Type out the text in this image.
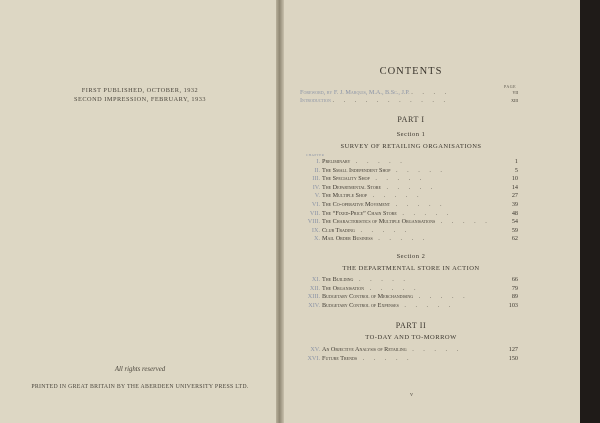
FIRST PUBLISHED, OCTOBER, 1932
SECOND IMPRESSION, FEBRUARY, 1933
All rights reserved
PRINTED IN GREAT BRITAIN BY THE ABERDEEN UNIVERSITY PRESS LTD.
CONTENTS
PAGE
Foreword, by F. J. Marquis, M.A., B.Sc., J.P. . . . .	vii
Introduction . . . . . . . . . . .	xiii
PART I
Section 1
SURVEY OF RETAILING ORGANISATIONS
CHAPTER
I. Preliminary . . . . .	1
II. The Small Independent Shop . . . . .	5
III. The Speciality Shop . . . . .	10
IV. The Departmental Store . . . . .	14
V. The Multiple Shop . . . . .	27
VI. The Co-operative Movement . . . . .	39
VII. The “Fixed-Price” Chain Store . . . . .	48
VIII. The Characteristics of Multiple Organisations . . . . .	54
IX. Club Trading . . . . .	59
X. Mail Order Business . . . . .	62
Section 2
THE DEPARTMENTAL STORE IN ACTION
XI. The Building . . . . .	66
XII. The Organisation . . . . .	79
XIII. Budgetary Control of Merchandising . . . . .	89
XIV. Budgetary Control of Expenses . . . . .	103
PART II
TO-DAY AND TO-MORROW
XV. An Objective Analysis of Retailing . . . . .	127
XVI. Future Trends . . . . .	150
v
